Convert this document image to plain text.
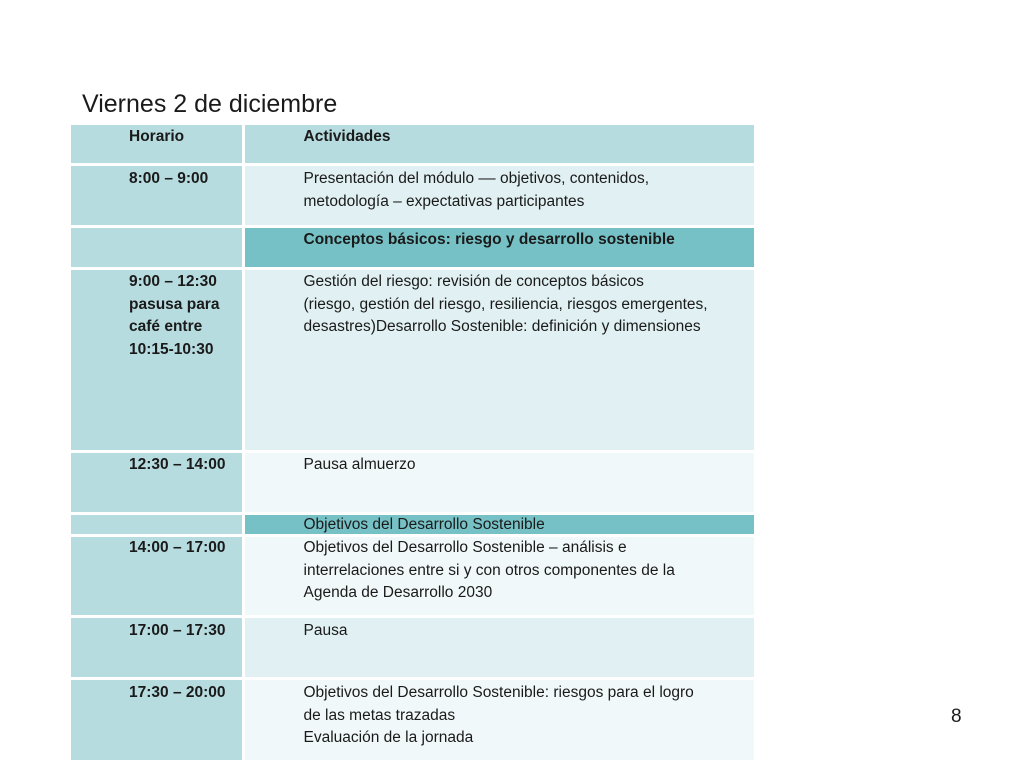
Viernes 2 de diciembre
Horario	Actividades

8:00 – 9:00	Presentación del módulo –– objetivos, contenidos,
metodología – expectativas participantes

	Conceptos básicos: riesgo y desarrollo sostenible

9:00 – 12:30
pasusa para
café entre
10:15-10:30	Gestión del riesgo: revisión de conceptos básicos
(riesgo, gestión del riesgo, resiliencia, riesgos emergentes,
desastres)Desarrollo Sostenible: definición y dimensiones

12:30 – 14:00	Pausa almuerzo

	Objetivos del Desarrollo Sostenible

14:00 – 17:00	Objetivos del Desarrollo Sostenible – análisis e
interrelaciones entre si y con otros componentes de la
Agenda de Desarrollo 2030

17:00 – 17:30	Pausa

17:30 – 20:00	Objetivos del Desarrollo Sostenible: riesgos para el logro
de las metas trazadas
Evaluación de la jornada
8
